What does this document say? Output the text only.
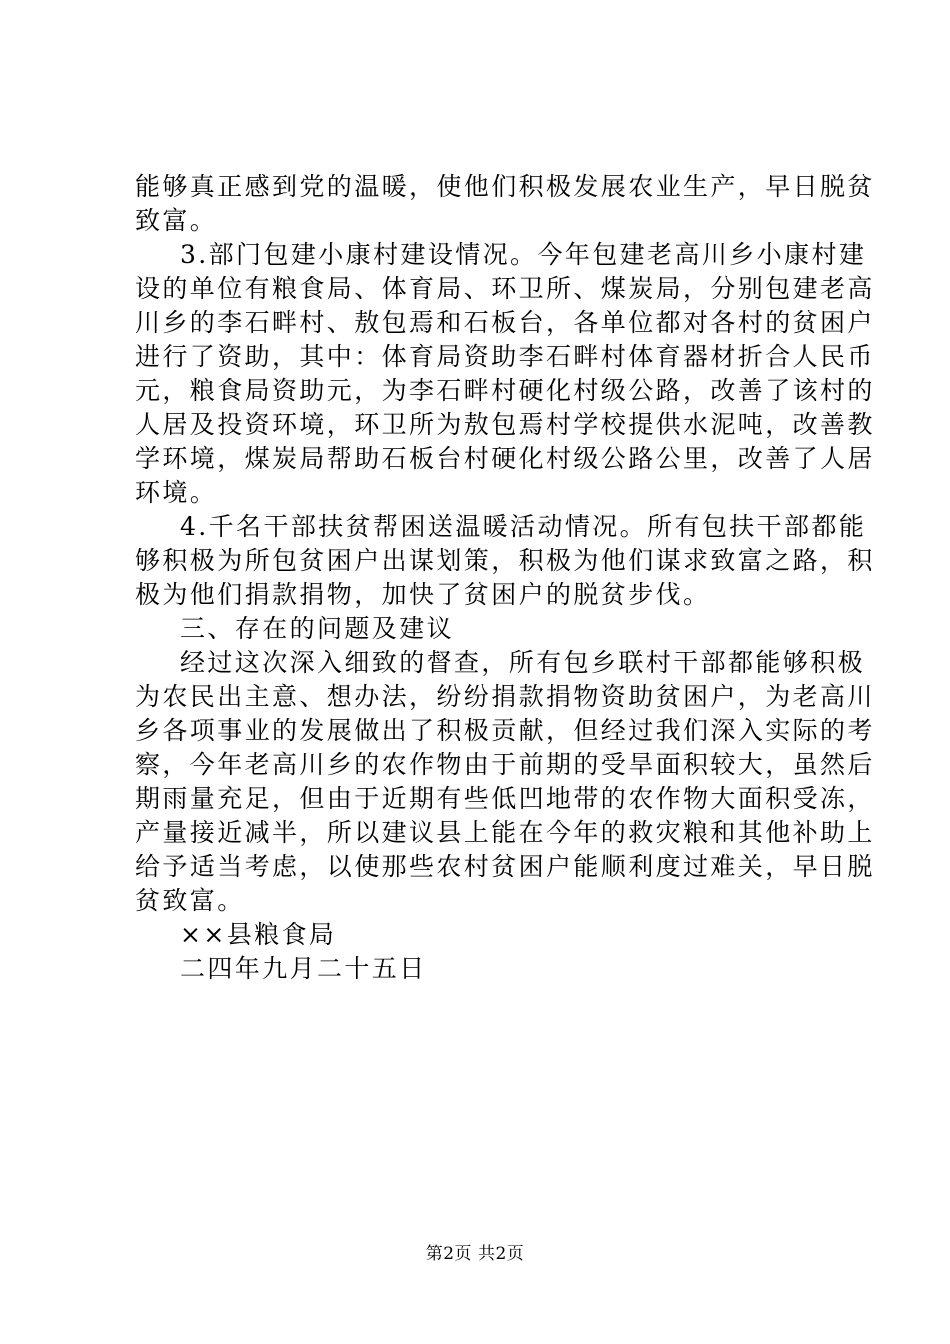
能够真正感到党的温暖，使他们积极发展农业生产，早日脱贫
致富。
3.部门包建小康村建设情况。今年包建老高川乡小康村建
设的单位有粮食局、体育局、环卫所、煤炭局，分别包建老高
川乡的李石畔村、敖包焉和石板台，各单位都对各村的贫困户
进行了资助，其中：体育局资助李石畔村体育器材折合人民币
元，粮食局资助元，为李石畔村硬化村级公路，改善了该村的
人居及投资环境，环卫所为敖包焉村学校提供水泥吨，改善教
学环境，煤炭局帮助石板台村硬化村级公路公里，改善了人居
环境。
4.千名干部扶贫帮困送温暖活动情况。所有包扶干部都能
够积极为所包贫困户出谋划策，积极为他们谋求致富之路，积
极为他们捐款捐物，加快了贫困户的脱贫步伐。
三、存在的问题及建议
经过这次深入细致的督查，所有包乡联村干部都能够积极
为农民出主意、想办法，纷纷捐款捐物资助贫困户，为老高川
乡各项事业的发展做出了积极贡献，但经过我们深入实际的考
察，今年老高川乡的农作物由于前期的受旱面积较大，虽然后
期雨量充足，但由于近期有些低凹地带的农作物大面积受冻，
产量接近减半，所以建议县上能在今年的救灾粮和其他补助上
给予适当考虑，以使那些农村贫困户能顺利度过难关，早日脱
贫致富。
××县粮食局
二四年九月二十五日
第2页 共2页
